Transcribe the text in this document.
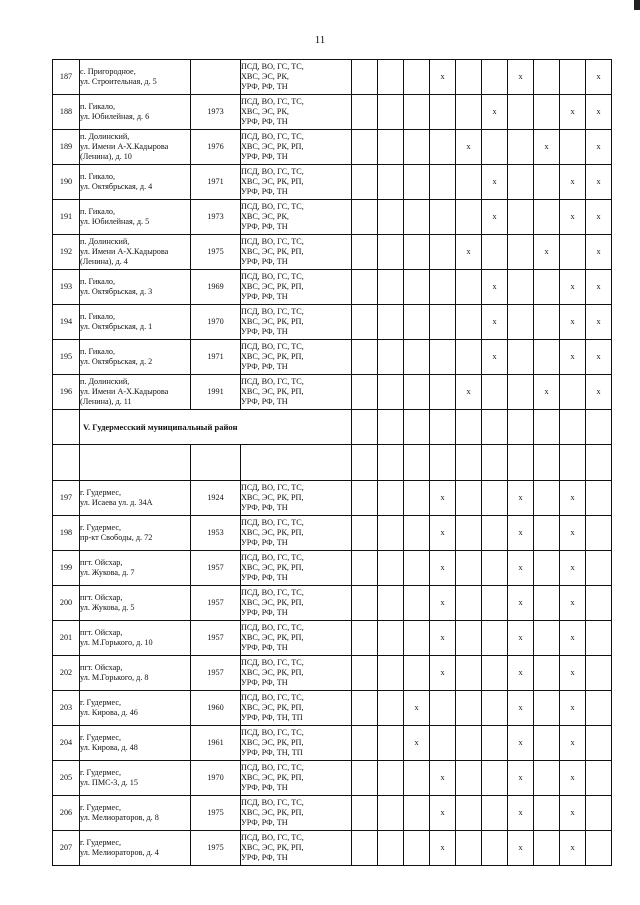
11
187	с. Пригородное,
ул. Строительная, д. 5		ПСД, ВО, ГС, ТС,
ХВС, ЭС, РК,
УРФ, РФ, ТН				x			x			x
188	п. Гикало,
ул. Юбилейная, д. 6	1973	ПСД, ВО, ГС, ТС,
ХВС, ЭС, РК,
УРФ, РФ, ТН						x			x	x
189	п. Долинский,
ул. Имени А-Х.Кадырова
(Ленина), д. 10	1976	ПСД, ВО, ГС, ТС,
ХВС, ЭС, РК, РП,
УРФ, РФ, ТН					x			x		x
190	п. Гикало,
ул. Октябрьская, д. 4	1971	ПСД, ВО, ГС, ТС,
ХВС, ЭС, РК, РП,
УРФ, РФ, ТН						x			x	x
191	п. Гикало,
ул. Юбилейная, д. 5	1973	ПСД, ВО, ГС, ТС,
ХВС, ЭС, РК,
УРФ, РФ, ТН						x			x	x
192	п. Долинский,
ул. Имени А-Х.Кадырова
(Ленина), д. 4	1975	ПСД, ВО, ГС, ТС,
ХВС, ЭС, РК, РП,
УРФ, РФ, ТН					x			x		x
193	п. Гикало,
ул. Октябрьская, д. 3	1969	ПСД, ВО, ГС, ТС,
ХВС, ЭС, РК, РП,
УРФ, РФ, ТН						x			x	x
194	п. Гикало,
ул. Октябрьская, д. 1	1970	ПСД, ВО, ГС, ТС,
ХВС, ЭС, РК, РП,
УРФ, РФ, ТН						x			x	x
195	п. Гикало,
ул. Октябрьская, д. 2	1971	ПСД, ВО, ГС, ТС,
ХВС, ЭС, РК, РП,
УРФ, РФ, ТН						x			x	x
196	п. Долинский,
ул. Имени А-Х.Кадырова
(Ленина), д. 11	1991	ПСД, ВО, ГС, ТС,
ХВС, ЭС, РК, РП,
УРФ, РФ, ТН					x			x		x
	V. Гудермесский муниципальный район												

197	г. Гудермес,
ул. Исаева ул. д. 34А	1924	ПСД, ВО, ГС, ТС,
ХВС, ЭС, РК, РП,
УРФ, РФ, ТН				x			x		x	
198	г. Гудермес,
пр-кт Свободы, д. 72	1953	ПСД, ВО, ГС, ТС,
ХВС, ЭС, РК, РП,
УРФ, РФ, ТН				x			x		x	
199	пгт. Ойсхар,
ул. Жукова, д. 7	1957	ПСД, ВО, ГС, ТС,
ХВС, ЭС, РК, РП,
УРФ, РФ, ТН				x			x		x	
200	пгт. Ойсхар,
ул. Жукова, д. 5	1957	ПСД, ВО, ГС, ТС,
ХВС, ЭС, РК, РП,
УРФ, РФ, ТН				x			x		x	
201	пгт. Ойсхар,
ул. М.Горького, д. 10	1957	ПСД, ВО, ГС, ТС,
ХВС, ЭС, РК, РП,
УРФ, РФ, ТН				x			x		x	
202	пгт. Ойсхар,
ул. М.Горького, д. 8	1957	ПСД, ВО, ГС, ТС,
ХВС, ЭС, РК, РП,
УРФ, РФ, ТН				x			x		x	
203	г. Гудермес,
ул. Кирова, д. 46	1960	ПСД, ВО, ГС, ТС,
ХВС, ЭС, РК, РП,
УРФ, РФ, ТН, ТП			x				x		x	
204	г. Гудермес,
ул. Кирова, д. 48	1961	ПСД, ВО, ГС, ТС,
ХВС, ЭС, РК, РП,
УРФ, РФ, ТН, ТП			x				x		x	
205	г. Гудермес,
ул. ПМС-3, д. 15	1970	ПСД, ВО, ГС, ТС,
ХВС, ЭС, РК, РП,
УРФ, РФ, ТН				x			x		x	
206	г. Гудермес,
ул. Мелиораторов, д. 8	1975	ПСД, ВО, ГС, ТС,
ХВС, ЭС, РК, РП,
УРФ, РФ, ТН				x			x		x	
207	г. Гудермес,
ул. Мелиораторов, д. 4	1975	ПСД, ВО, ГС, ТС,
ХВС, ЭС, РК, РП,
УРФ, РФ, ТН				x			x		x	
